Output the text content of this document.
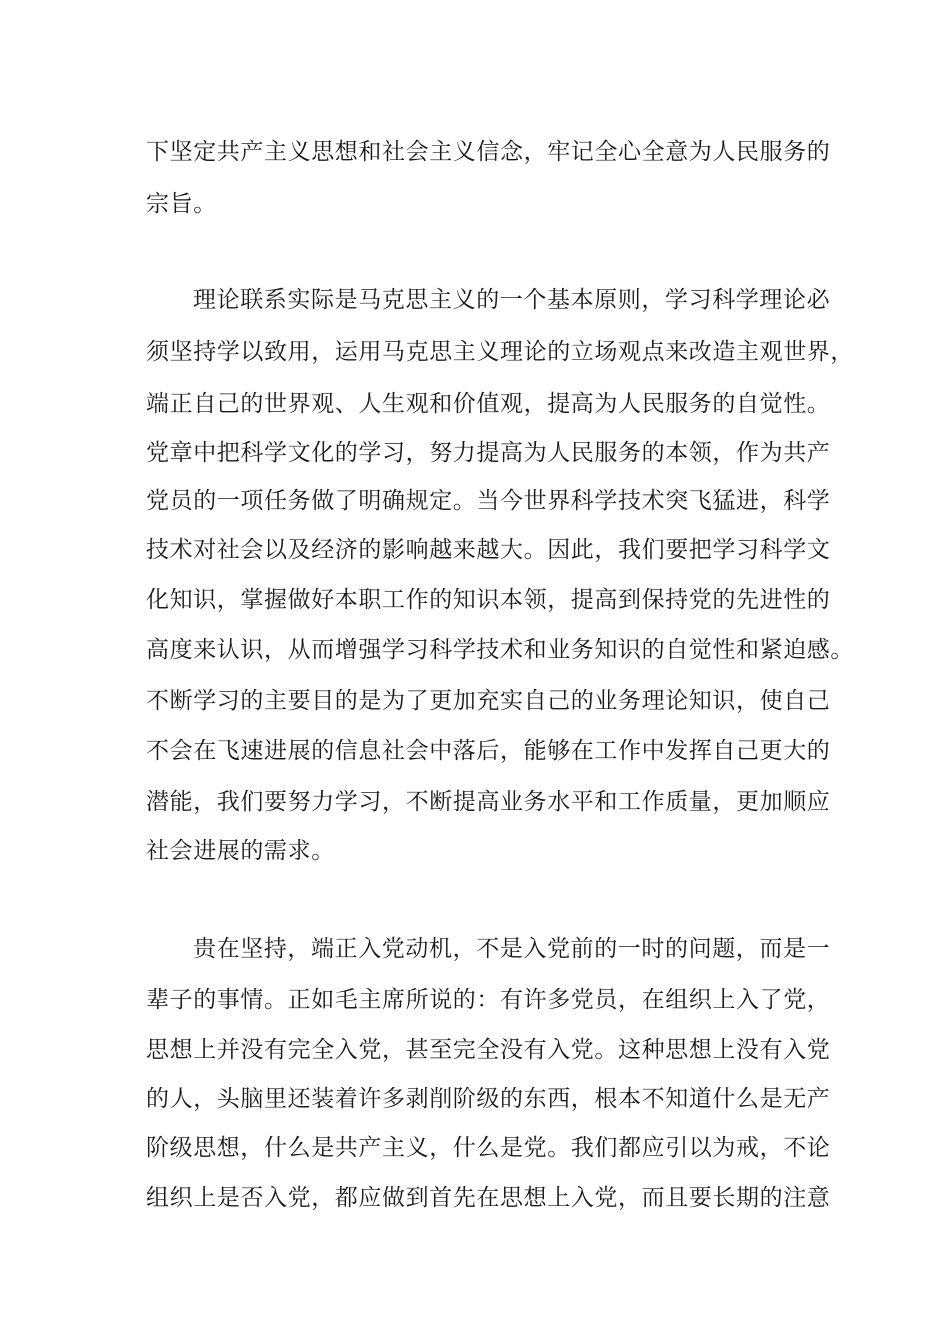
下坚定共产主义思想和社会主义信念，牢记全心全意为人民服务的
宗旨。
理论联系实际是马克思主义的一个基本原则，学习科学理论必
须坚持学以致用，运用马克思主义理论的立场观点来改造主观世界，
端正自己的世界观、人生观和价值观，提高为人民服务的自觉性。
党章中把科学文化的学习，努力提高为人民服务的本领，作为共产
党员的一项任务做了明确规定。当今世界科学技术突飞猛进，科学
技术对社会以及经济的影响越来越大。因此，我们要把学习科学文
化知识，掌握做好本职工作的知识本领，提高到保持党的先进性的
高度来认识，从而增强学习科学技术和业务知识的自觉性和紧迫感。
不断学习的主要目的是为了更加充实自己的业务理论知识，使自己
不会在飞速进展的信息社会中落后，能够在工作中发挥自己更大的
潜能，我们要努力学习，不断提高业务水平和工作质量，更加顺应
社会进展的需求。
贵在坚持，端正入党动机，不是入党前的一时的问题，而是一
辈子的事情。正如毛主席所说的：有许多党员，在组织上入了党，
思想上并没有完全入党，甚至完全没有入党。这种思想上没有入党
的人，头脑里还装着许多剥削阶级的东西，根本不知道什么是无产
阶级思想，什么是共产主义，什么是党。我们都应引以为戒，不论
组织上是否入党，都应做到首先在思想上入党，而且要长期的注意
